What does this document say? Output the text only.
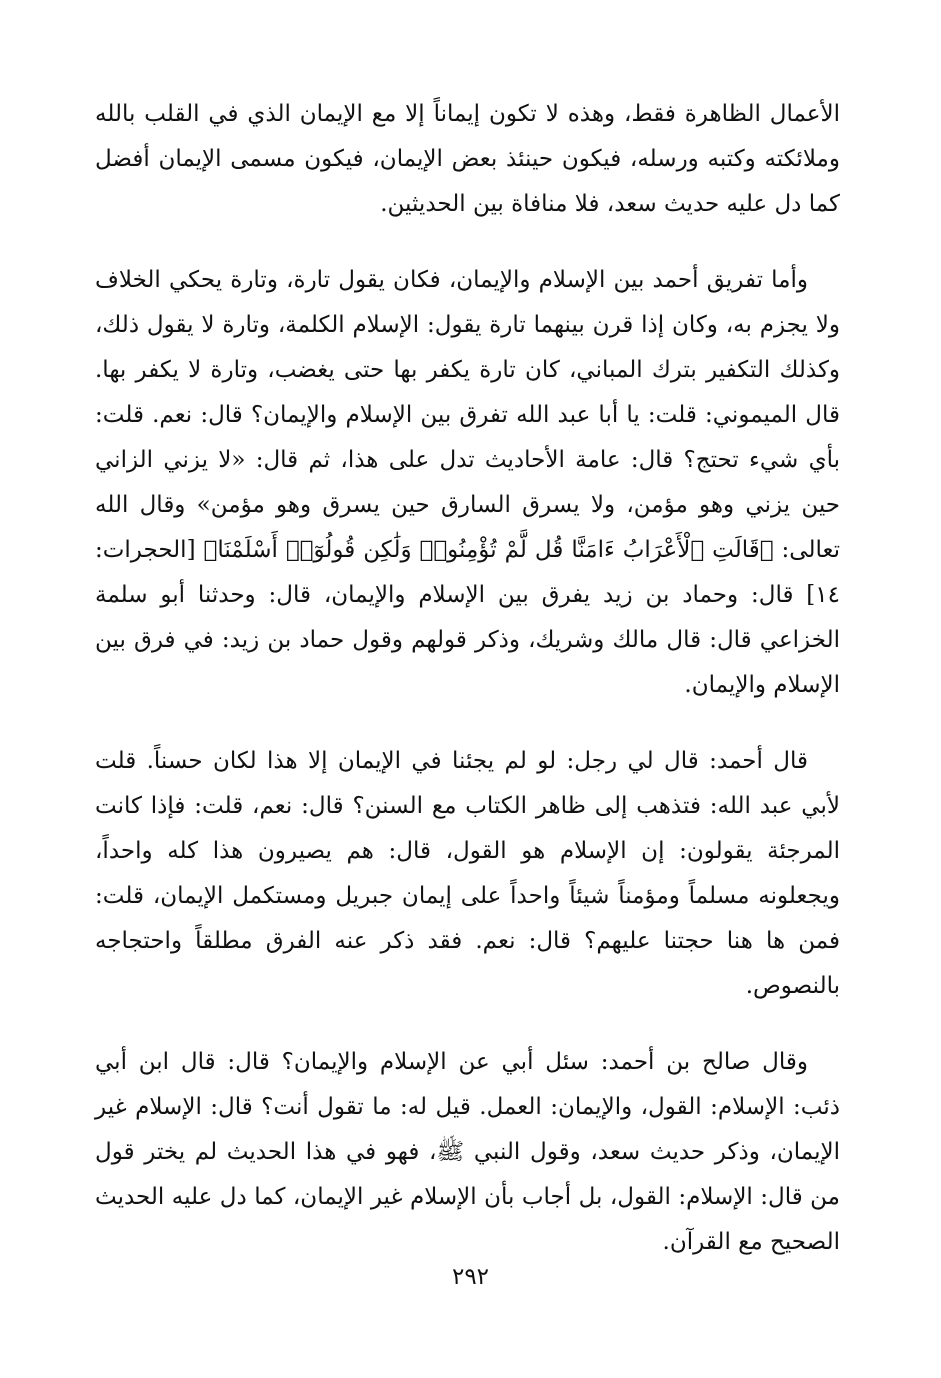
الأعمال الظاهرة فقط، وهذه لا تكون إيماناً إلا مع الإيمان الذي في القلب بالله وملائكته وكتبه ورسله، فيكون حينئذ بعض الإيمان، فيكون مسمى الإيمان أفضل كما دل عليه حديث سعد، فلا منافاة بين الحديثين.

وأما تفريق أحمد بين الإسلام والإيمان، فكان يقول تارة، وتارة يحكي الخلاف ولا يجزم به، وكان إذا قرن بينهما تارة يقول: الإسلام الكلمة، وتارة لا يقول ذلك، وكذلك التكفير بترك المباني، كان تارة يكفر بها حتى يغضب، وتارة لا يكفر بها. قال الميموني: قلت: يا أبا عبد الله تفرق بين الإسلام والإيمان؟ قال: نعم. قلت: بأي شيء تحتج؟ قال: عامة الأحاديث تدل على هذا، ثم قال: «لا يزني الزاني حين يزني وهو مؤمن، ولا يسرق السارق حين يسرق وهو مؤمن» وقال الله تعالى: ﴿قَالَتِ ٱلْأَعْرَابُ ءَامَنَّا قُل لَّمْ تُؤْمِنُوا۟ وَلَٰكِن قُولُوٓا۟ أَسْلَمْنَا﴾ [الحجرات: ١٤] قال: وحماد بن زيد يفرق بين الإسلام والإيمان، قال: وحدثنا أبو سلمة الخزاعي قال: قال مالك وشريك، وذكر قولهم وقول حماد بن زيد: في فرق بين الإسلام والإيمان.

قال أحمد: قال لي رجل: لو لم يجئنا في الإيمان إلا هذا لكان حسناً. قلت لأبي عبد الله: فتذهب إلى ظاهر الكتاب مع السنن؟ قال: نعم، قلت: فإذا كانت المرجئة يقولون: إن الإسلام هو القول، قال: هم يصيرون هذا كله واحداً، ويجعلونه مسلماً ومؤمناً شيئاً واحداً على إيمان جبريل ومستكمل الإيمان، قلت: فمن ها هنا حجتنا عليهم؟ قال: نعم. فقد ذكر عنه الفرق مطلقاً واحتجاجه بالنصوص.

وقال صالح بن أحمد: سئل أبي عن الإسلام والإيمان؟ قال: قال ابن أبي ذئب: الإسلام: القول، والإيمان: العمل. قيل له: ما تقول أنت؟ قال: الإسلام غير الإيمان، وذكر حديث سعد، وقول النبي ﷺ، فهو في هذا الحديث لم يختر قول من قال: الإسلام: القول، بل أجاب بأن الإسلام غير الإيمان، كما دل عليه الحديث الصحيح مع القرآن.

٢٩٢
